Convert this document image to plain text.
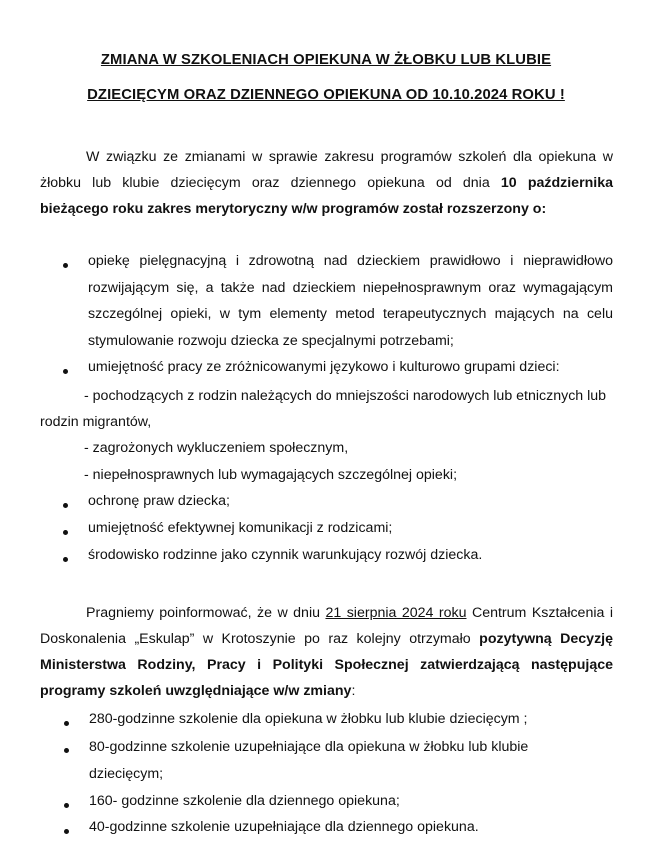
ZMIANA W SZKOLENIACH OPIEKUNA W ŻŁOBKU LUB KLUBIE
DZIECIĘCYM ORAZ DZIENNEGO OPIEKUNA OD 10.10.2024 ROKU !

W związku ze zmianami w sprawie zakresu programów szkoleń dla opiekuna w żłobku lub klubie dziecięcym oraz dziennego opiekuna od dnia 10 października bieżącego roku zakres merytoryczny w/w programów został rozszerzony o:

opiekę pielęgnacyjną i zdrowotną nad dzieckiem prawidłowo i nieprawidłowo rozwijającym się, a także nad dzieckiem niepełnosprawnym oraz wymagającym szczególnej opieki, w tym elementy metod terapeutycznych mających na celu stymulowanie rozwoju dziecka ze specjalnymi potrzebami;

umiejętność pracy ze zróżnicowanymi językowo i kulturowo grupami dzieci:

- pochodzących z rodzin należących do mniejszości narodowych lub etnicznych lub
rodzin migrantów,
- zagrożonych wykluczeniem społecznym,
- niepełnosprawnych lub wymagających szczególnej opieki;
ochronę praw dziecka;
umiejętność efektywnej komunikacji z rodzicami;
środowisko rodzinne jako czynnik warunkujący rozwój dziecka.

Pragniemy poinformować, że w dniu 21 sierpnia 2024 roku Centrum Kształcenia i Doskonalenia „Eskulap” w Krotoszynie po raz kolejny otrzymało pozytywną Decyzję Ministerstwa Rodziny, Pracy i Polityki Społecznej zatwierdzającą następujące programy szkoleń uwzględniające w/w zmiany:

280-godzinne szkolenie dla opiekuna w żłobku lub klubie dziecięcym ;

80-godzinne szkolenie uzupełniające dla opiekuna w żłobku lub klubie dziecięcym;

160- godzinne szkolenie dla dziennego opiekuna;
40-godzinne szkolenie uzupełniające dla dziennego opiekuna.
